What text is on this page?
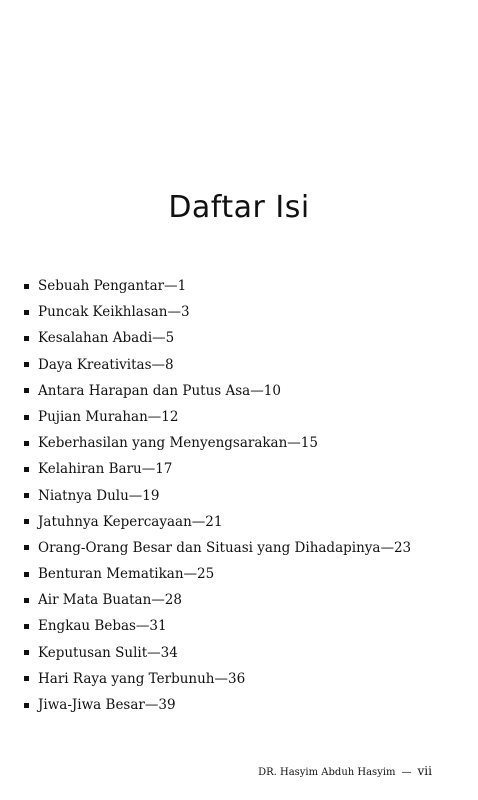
Daftar Isi
Sebuah Pengantar—1
Puncak Keikhlasan—3
Kesalahan Abadi—5
Daya Kreativitas—8
Antara Harapan dan Putus Asa—10
Pujian Murahan—12
Keberhasilan yang Menyengsarakan—15
Kelahiran Baru—17
Niatnya Dulu—19
Jatuhnya Kepercayaan—21
Orang-Orang Besar dan Situasi yang Dihadapinya—23
Benturan Mematikan—25
Air Mata Buatan—28
Engkau Bebas—31
Keputusan Sulit—34
Hari Raya yang Terbunuh—36
Jiwa-Jiwa Besar—39
DR. Hasyim Abduh Hasyim — vii
